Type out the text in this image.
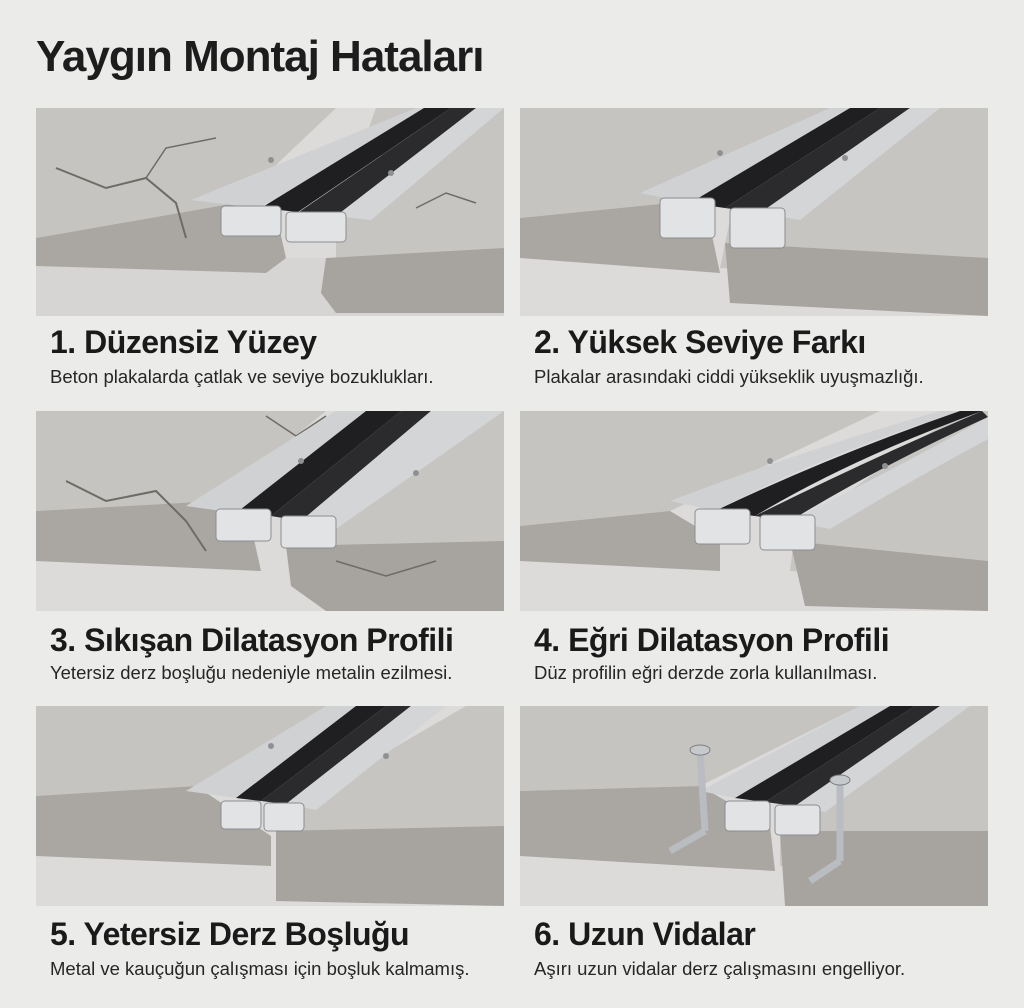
Yaygın Montaj Hataları
1. Düzensiz Yüzey

Beton plakalarda çatlak ve seviye bozuklukları.

2. Yüksek Seviye Farkı

Plakalar arasındaki ciddi yükseklik uyuşmazlığı.

3. Sıkışan Dilatasyon Profili

Yetersiz derz boşluğu nedeniyle metalin ezilmesi.

4. Eğri Dilatasyon Profili

Düz profilin eğri derzde zorla kullanılması.

5. Yetersiz Derz Boşluğu

Metal ve kauçuğun çalışması için boşluk kalmamış.

6. Uzun Vidalar

Aşırı uzun vidalar derz çalışmasını engelliyor.
